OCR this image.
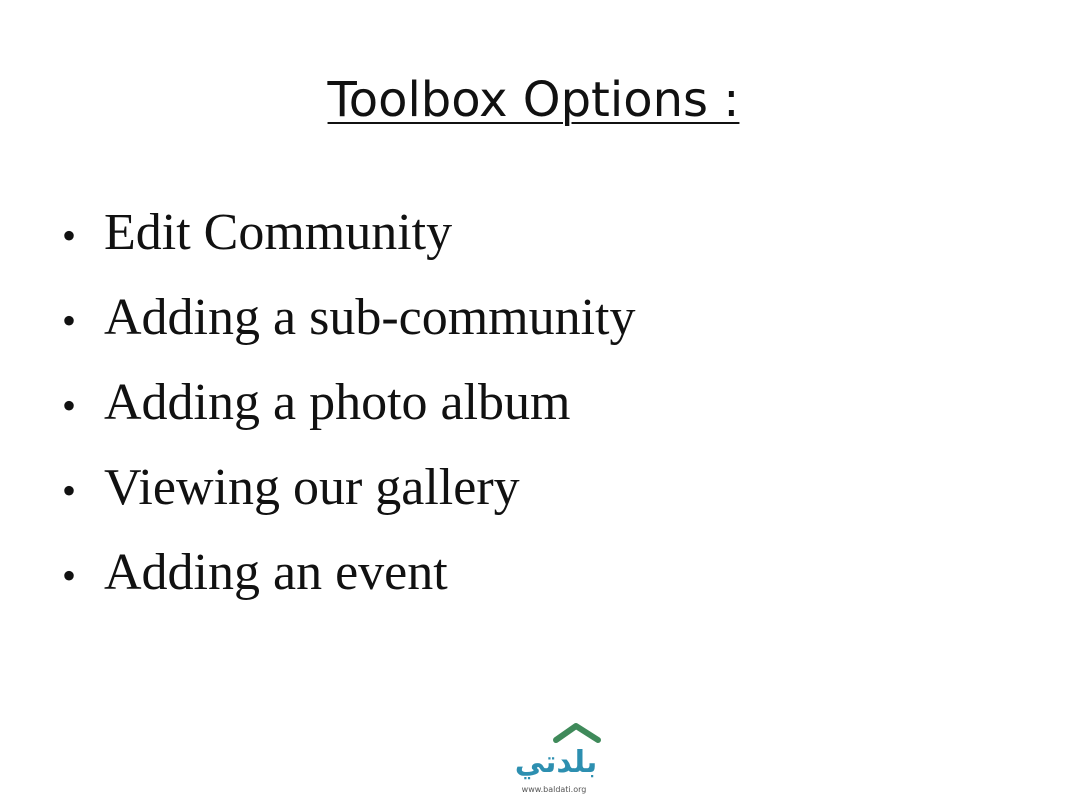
Toolbox Options :
• Edit Community
• Adding a sub-community
• Adding a photo album
• Viewing our gallery
• Adding an event
بلدتي
www.baldati.org
